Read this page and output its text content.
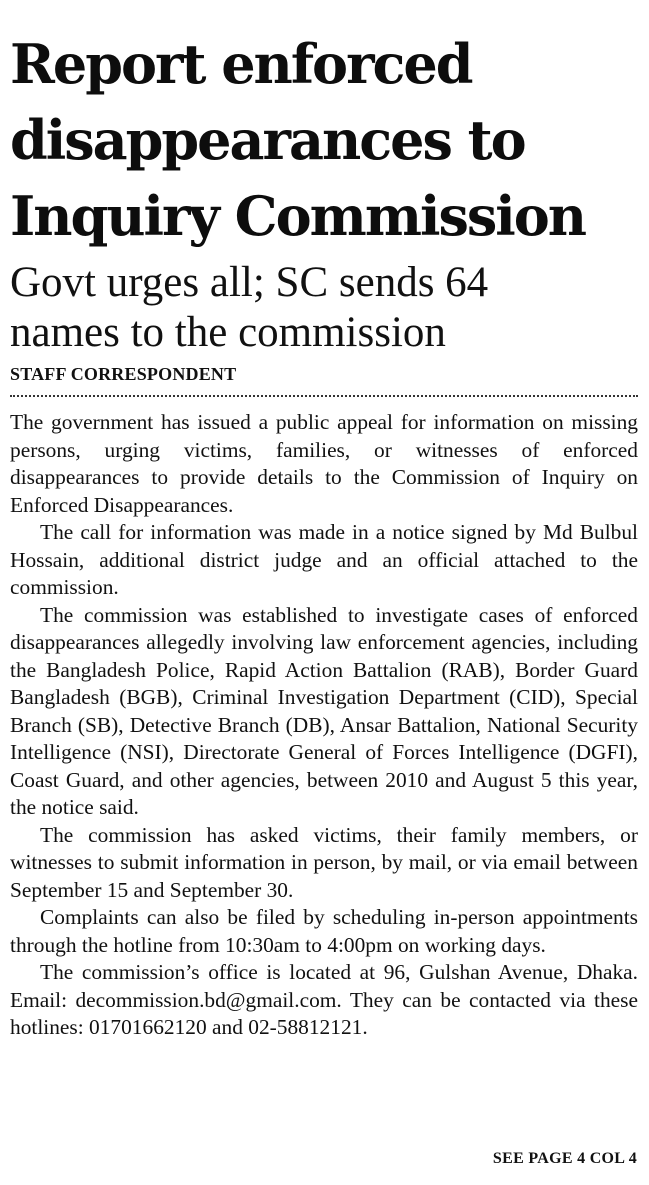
Report enforced
disappearances to
Inquiry Commission
Govt urges all; SC sends 64
names to the commission
STAFF CORRESPONDENT

The government has issued a public appeal for information on missing persons, urging victims, families, or witnesses of enforced disappearances to provide details to the Commission of Inquiry on Enforced Disappearances.

The call for information was made in a notice signed by Md Bulbul Hossain, additional district judge and an official attached to the commission.

The commission was established to investigate cases of enforced disappearances allegedly involving law enforcement agencies, including the Bangladesh Police, Rapid Action Battalion (RAB), Border Guard Bangladesh (BGB), Criminal Investigation Department (CID), Special Branch (SB), Detective Branch (DB), Ansar Battalion, National Security Intelligence (NSI), Directorate General of Forces Intelligence (DGFI), Coast Guard, and other agencies, between 2010 and August 5 this year, the notice said.

The commission has asked victims, their family members, or witnesses to submit information in person, by mail, or via email between September 15 and September 30.

Complaints can also be filed by scheduling in-person appointments through the hotline from 10:30am to 4:00pm on working days.

The commission’s office is located at 96, Gulshan Avenue, Dhaka. Email: decommission.bd@gmail.com. They can be contacted via these hotlines: 01701662120 and 02-58812121.

SEE PAGE 4 COL 4
